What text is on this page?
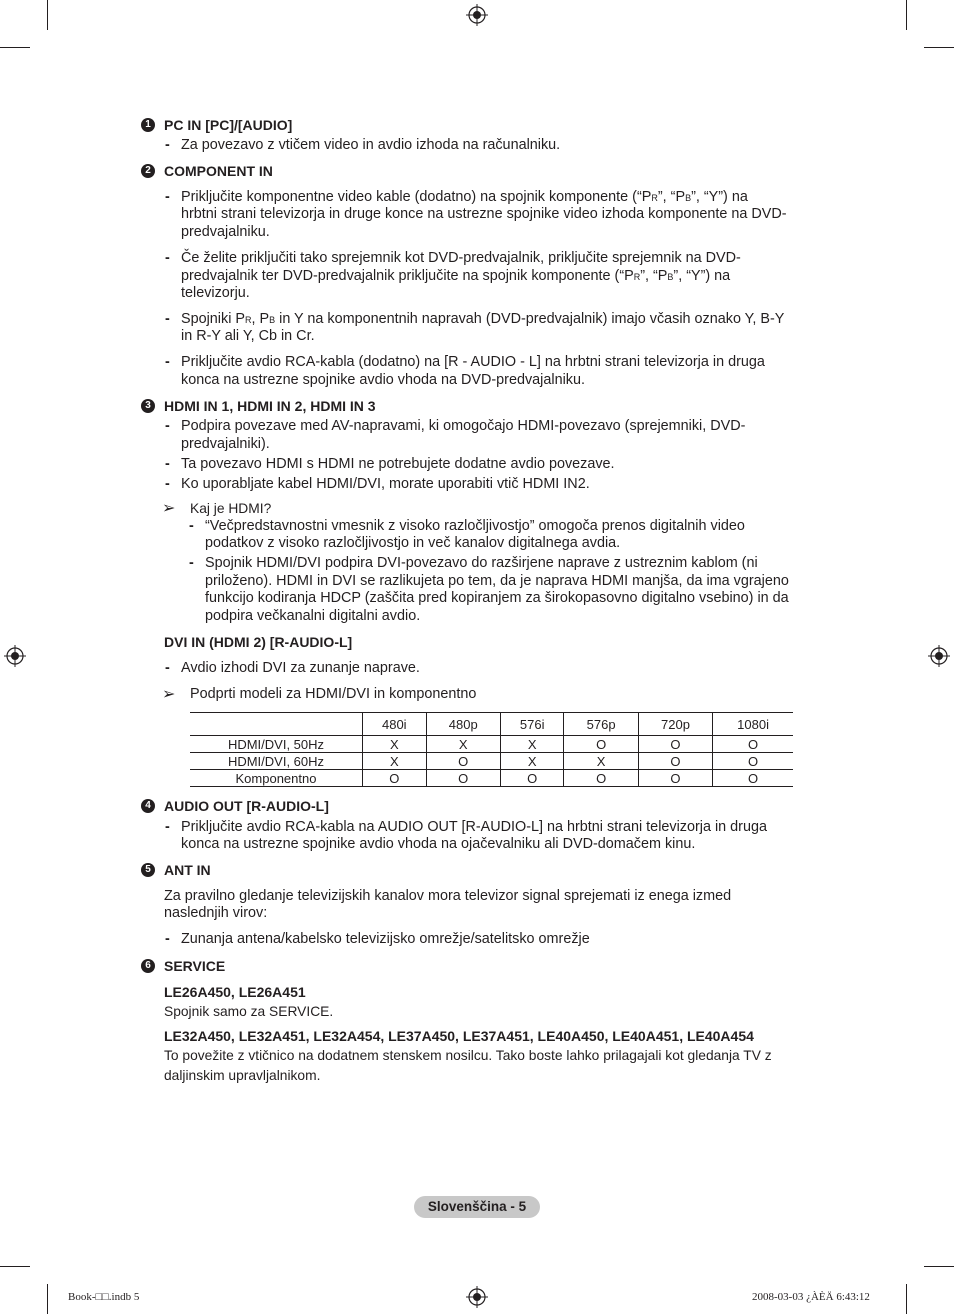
1 PC IN [PC]/[AUDIO]
- Za povezavo z vtičem video in avdio izhoda na računalniku.
2 COMPONENT IN
- Priključite komponentne video kable (dodatno) na spojnik komponente (“PR”, “PB”, “Y”) na
hrbtni strani televizorja in druge konce na ustrezne spojnike video izhoda komponente na DVD-
predvajalniku.
- Če želite priključiti tako sprejemnik kot DVD-predvajalnik, priključite sprejemnik na DVD-
predvajalnik ter DVD-predvajalnik priključite na spojnik komponente (“PR”, “PB”, “Y”) na
televizorju.
- Spojniki PR, PB in Y na komponentnih napravah (DVD-predvajalnik) imajo včasih oznako Y, B-Y
in R-Y ali Y, Cb in Cr.
- Priključite avdio RCA-kabla (dodatno) na [R - AUDIO - L] na hrbtni strani televizorja in druga
konca na ustrezne spojnike avdio vhoda na DVD-predvajalniku.
3 HDMI IN 1, HDMI IN 2, HDMI IN 3
- Podpira povezave med AV-napravami, ki omogočajo HDMI-povezavo (sprejemniki, DVD-
predvajalniki).
- Ta povezavo HDMI s HDMI ne potrebujete dodatne avdio povezave.
- Ko uporabljate kabel HDMI/DVI, morate uporabiti vtič HDMI IN2.
➢ Kaj je HDMI?
- “Večpredstavnostni vmesnik z visoko razločljivostjo” omogoča prenos digitalnih video
podatkov z visoko razločljivostjo in več kanalov digitalnega avdia.
- Spojnik HDMI/DVI podpira DVI-povezavo do razširjene naprave z ustreznim kablom (ni
priloženo). HDMI in DVI se razlikujeta po tem, da je naprava HDMI manjša, da ima vgrajeno
funkcijo kodiranja HDCP (zaščita pred kopiranjem za širokopasovno digitalno vsebino) in da
podpira večkanalni digitalni avdio.
DVI IN (HDMI 2) [R-AUDIO-L]
- Avdio izhodi DVI za zunanje naprave.
➢ Podprti modeli za HDMI/DVI in komponentno
	480i	480p	576i	576p	720p	1080i
HDMI/DVI, 50Hz	X	X	X	O	O	O
HDMI/DVI, 60Hz	X	O	X	X	O	O
Komponentno	O	O	O	O	O	O
4 AUDIO OUT [R-AUDIO-L]
- Priključite avdio RCA-kabla na AUDIO OUT [R-AUDIO-L] na hrbtni strani televizorja in druga
konca na ustrezne spojnike avdio vhoda na ojačevalniku ali DVD-domačem kinu.
5 ANT IN
Za pravilno gledanje televizijskih kanalov mora televizor signal sprejemati iz enega izmed
naslednjih virov:
- Zunanja antena/kabelsko televizijsko omrežje/satelitsko omrežje
6 SERVICE
LE26A450, LE26A451
Spojnik samo za SERVICE.
LE32A450, LE32A451, LE32A454, LE37A450, LE37A451, LE40A450, LE40A451, LE40A454
To povežite z vtičnico na dodatnem stenskem nosilcu. Tako boste lahko prilagajali kot gledanja TV z
daljinskim upravljalnikom.
Slovenščina - 5
Book-□□.indb 5	2008-03-03 ¿ÀÈÄ 6:43:12
